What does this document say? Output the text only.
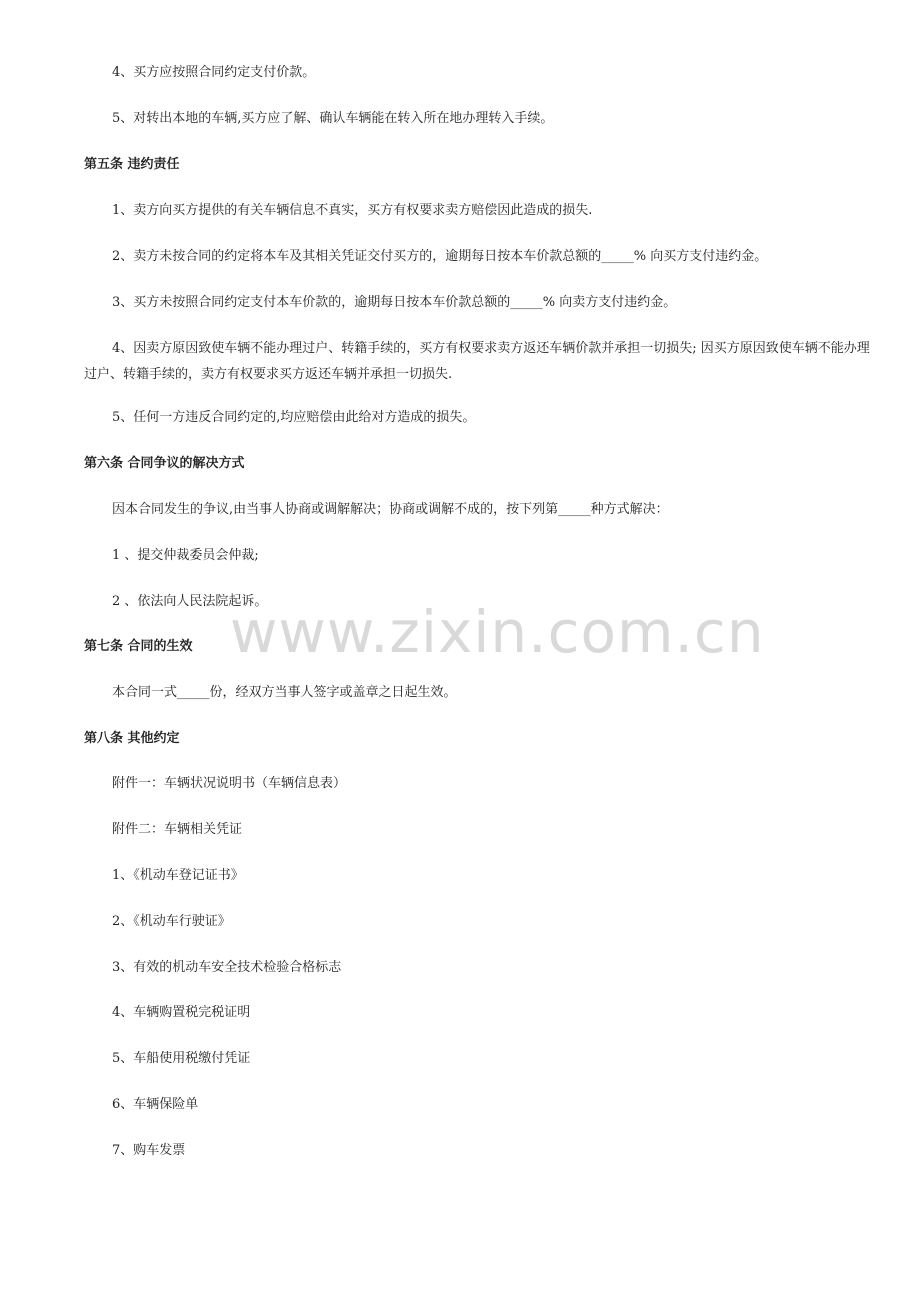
4、买方应按照合同约定支付价款。
5、对转出本地的车辆,买方应了解、确认车辆能在转入所在地办理转入手续。
第五条 违约责任
1、卖方向买方提供的有关车辆信息不真实，买方有权要求卖方赔偿因此造成的损失.
2、卖方未按合同的约定将本车及其相关凭证交付买方的，逾期每日按本车价款总额的_____% 向买方支付违约金。
3、买方未按照合同约定支付本车价款的，逾期每日按本车价款总额的_____% 向卖方支付违约金。
4、因卖方原因致使车辆不能办理过户、转籍手续的，买方有权要求卖方返还车辆价款并承担一切损失; 因买方原因致使车辆不能办理过户、转籍手续的，卖方有权要求买方返还车辆并承担一切损失.
5、任何一方违反合同约定的,均应赔偿由此给对方造成的损失。
第六条 合同争议的解决方式
因本合同发生的争议,由当事人协商或调解解决；协商或调解不成的，按下列第_____种方式解决：
1 、提交仲裁委员会仲裁;
2 、依法向人民法院起诉。
第七条 合同的生效
本合同一式_____份，经双方当事人签字或盖章之日起生效。
第八条 其他约定
附件一：车辆状况说明书（车辆信息表）
附件二：车辆相关凭证
1、《机动车登记证书》
2、《机动车行驶证》
3、有效的机动车安全技术检验合格标志
4、车辆购置税完税证明
5、车船使用税缴付凭证
6、车辆保险单
7、购车发票
www.zixin.com.cn
